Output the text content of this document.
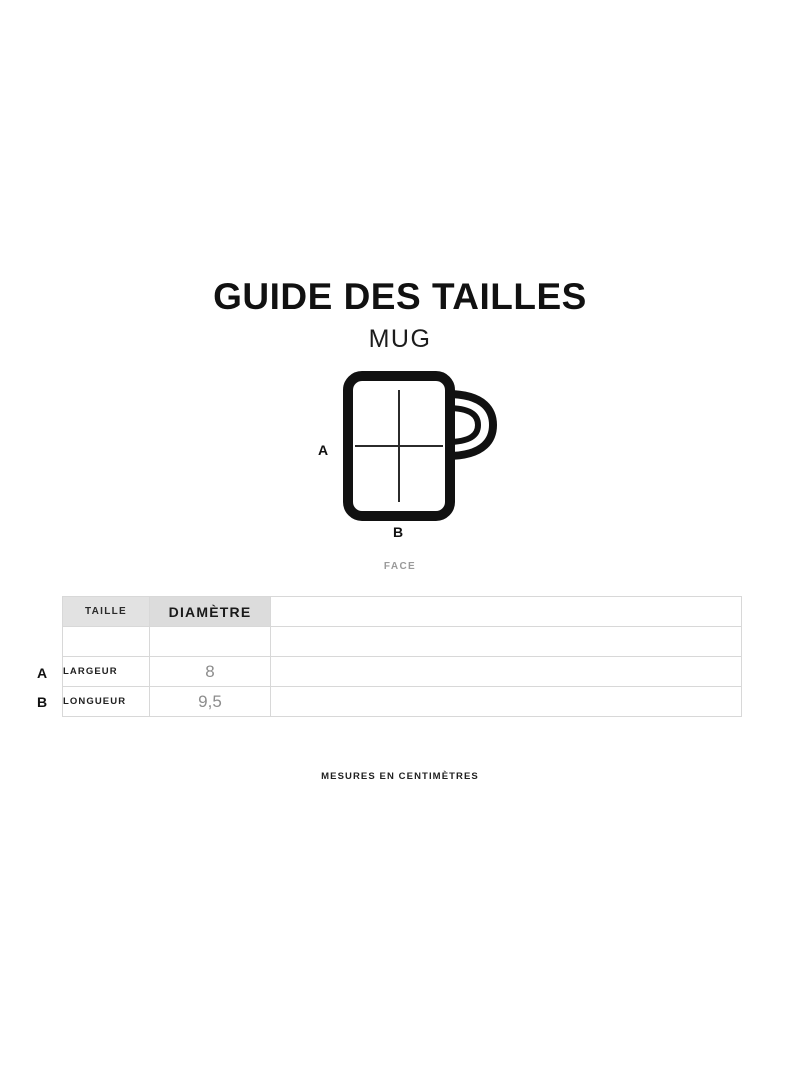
GUIDE DES TAILLES
MUG
A
B
FACE
A
B
TAILLE	DIAMÈTRE	

LARGEUR	8	
LONGUEUR	9,5	
MESURES EN CENTIMÈTRES
